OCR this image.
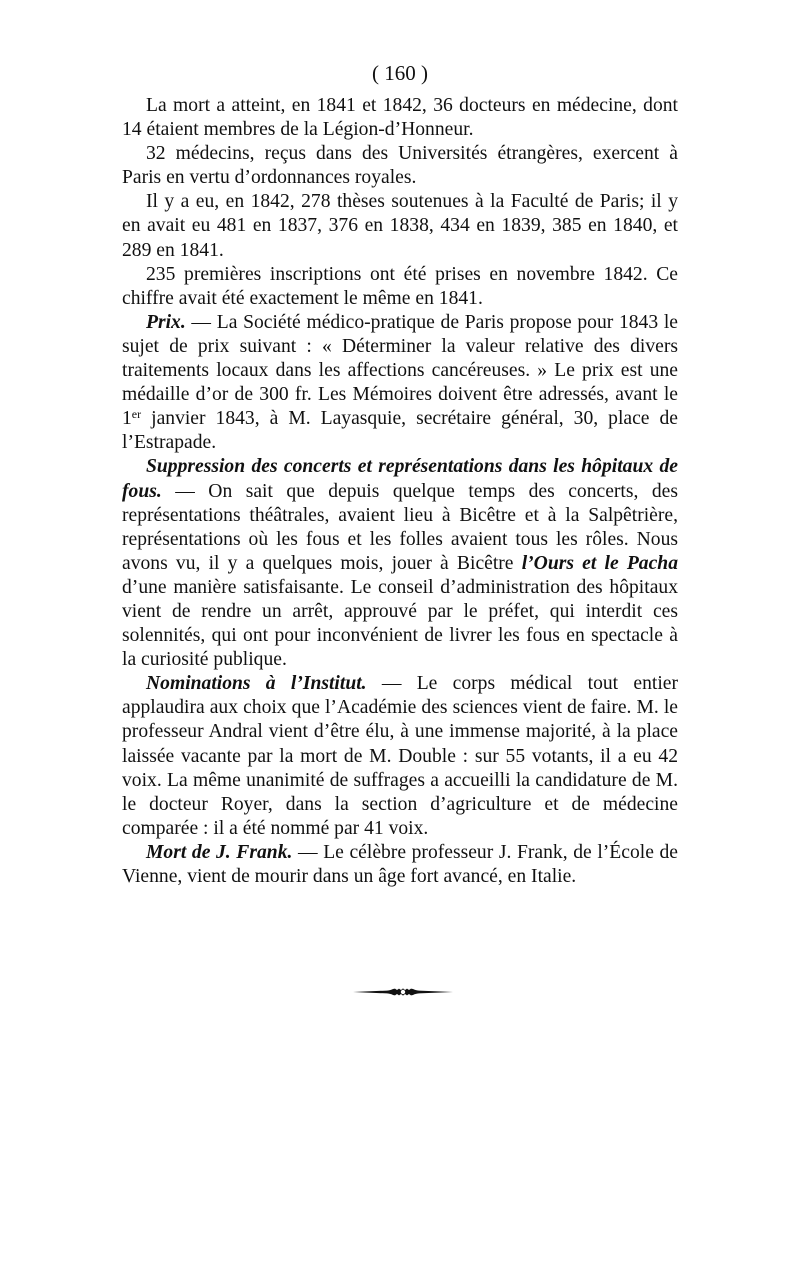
( 160 )

La mort a atteint, en 1841 et 1842, 36 docteurs en médecine, dont 14 étaient membres de la Légion-d’Honneur.

32 médecins, reçus dans des Universités étrangères, exercent à Paris en vertu d’ordonnances royales.

Il y a eu, en 1842, 278 thèses soutenues à la Faculté de Paris; il y en avait eu 481 en 1837, 376 en 1838, 434 en 1839, 385 en 1840, et 289 en 1841.

235 premières inscriptions ont été prises en novembre 1842. Ce chiffre avait été exactement le même en 1841.

Prix. — La Société médico-pratique de Paris propose pour 1843 le sujet de prix suivant : « Déterminer la valeur relative des divers traitements locaux dans les affections cancéreuses. » Le prix est une médaille d’or de 300 fr. Les Mémoires doivent être adressés, avant le 1er janvier 1843, à M. Layasquie, secrétaire général, 30, place de l’Estrapade.

Suppression des concerts et représentations dans les hôpitaux de fous. — On sait que depuis quelque temps des concerts, des représentations théâtrales, avaient lieu à Bicêtre et à la Salpêtrière, représentations où les fous et les folles avaient tous les rôles. Nous avons vu, il y a quelques mois, jouer à Bicêtre l’Ours et le Pacha d’une manière satisfaisante. Le conseil d’administration des hôpitaux vient de rendre un arrêt, approuvé par le préfet, qui interdit ces solennités, qui ont pour inconvénient de livrer les fous en spectacle à la curiosité publique.

Nominations à l’Institut. — Le corps médical tout entier applaudira aux choix que l’Académie des sciences vient de faire. M. le professeur Andral vient d’être élu, à une immense majorité, à la place laissée vacante par la mort de M. Double : sur 55 votants, il a eu 42 voix. La même unanimité de suffrages a accueilli la candidature de M. le docteur Royer, dans la section d’agriculture et de médecine comparée : il a été nommé par 41 voix.

Mort de J. Frank. — Le célèbre professeur J. Frank, de l’École de Vienne, vient de mourir dans un âge fort avancé, en Italie.
